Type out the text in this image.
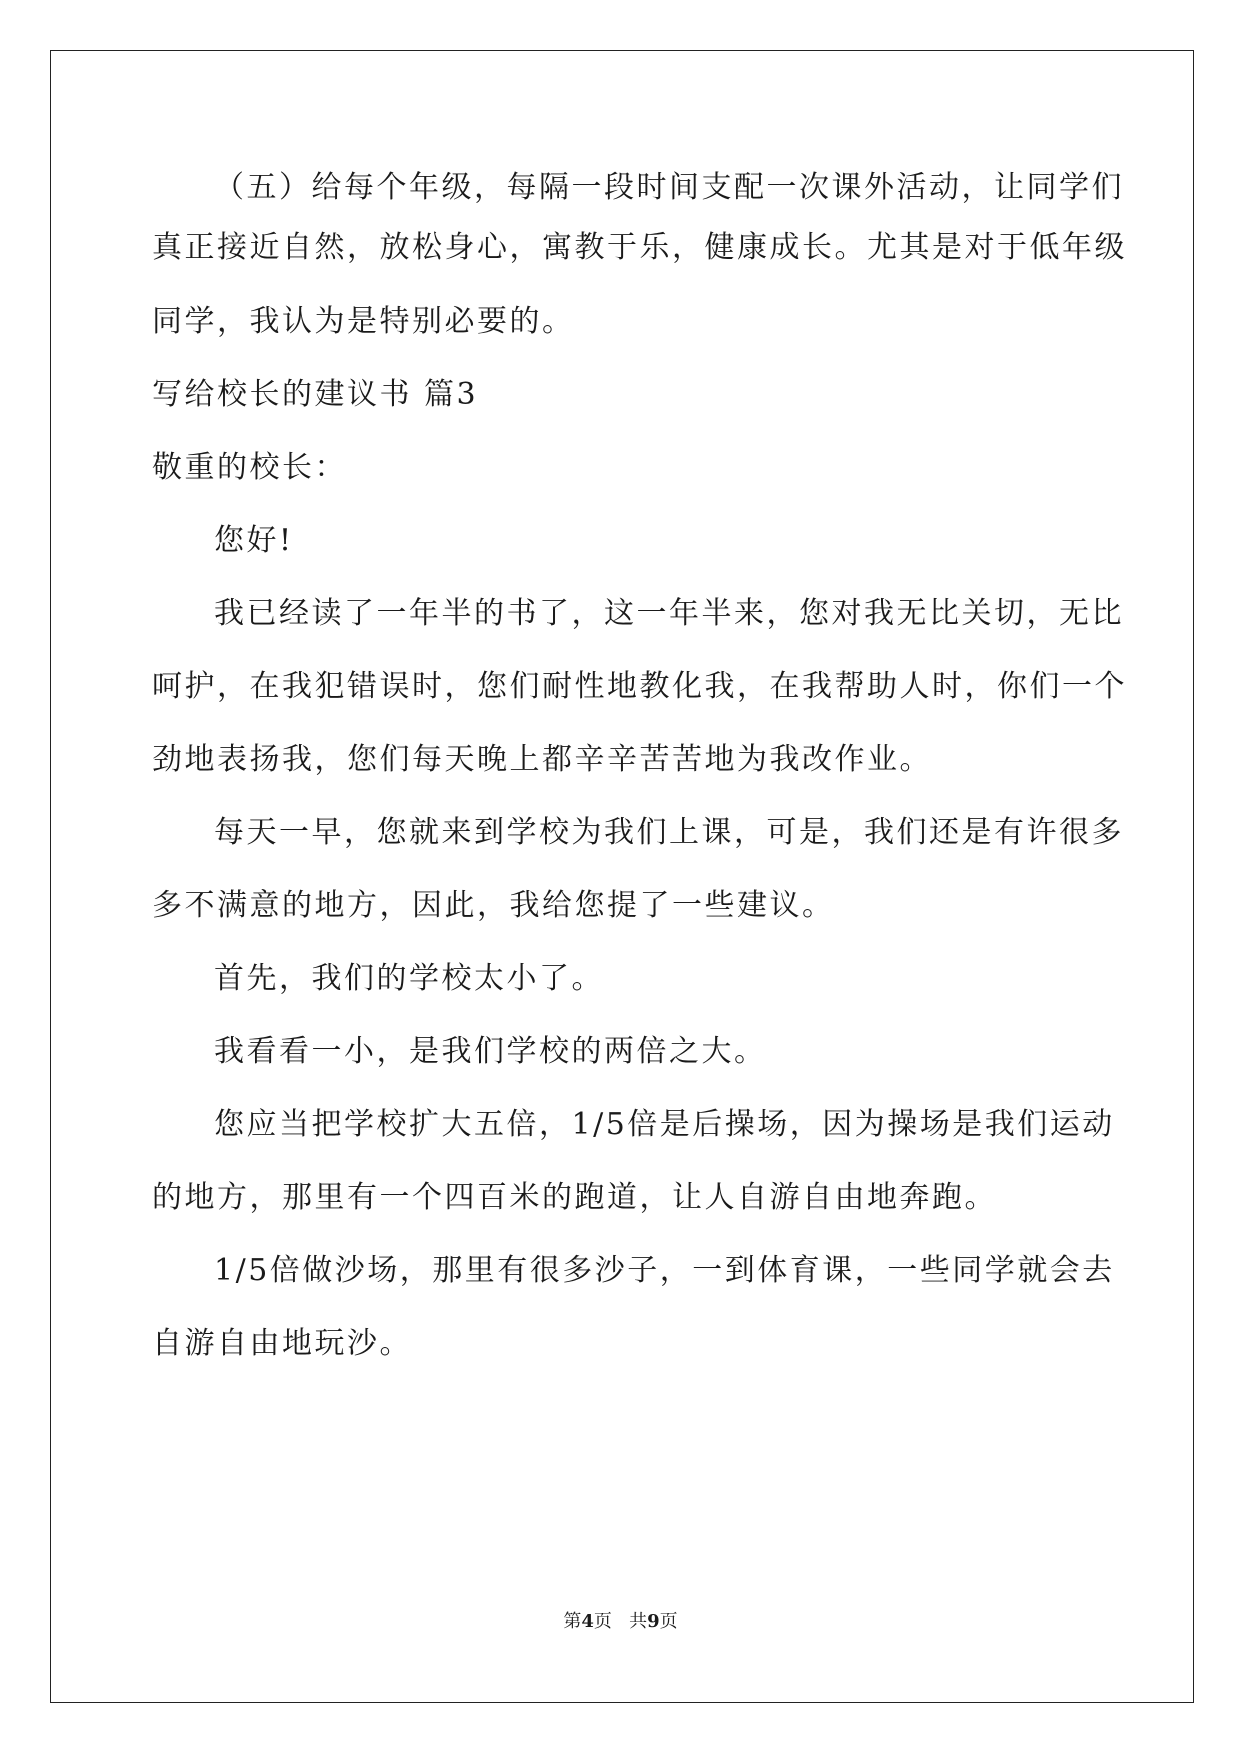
（五）给每个年级，每隔一段时间支配一次课外活动，让同学们
真正接近自然，放松身心，寓教于乐，健康成长。尤其是对于低年级
同学，我认为是特别必要的。
写给校长的建议书 篇3
敬重的校长：
您好!
我已经读了一年半的书了，这一年半来，您对我无比关切，无比
呵护，在我犯错误时，您们耐性地教化我，在我帮助人时，你们一个
劲地表扬我，您们每天晚上都辛辛苦苦地为我改作业。
每天一早，您就来到学校为我们上课，可是，我们还是有许很多
多不满意的地方，因此，我给您提了一些建议。
首先，我们的学校太小了。
我看看一小，是我们学校的两倍之大。
您应当把学校扩大五倍，1/5倍是后操场，因为操场是我们运动
的地方，那里有一个四百米的跑道，让人自游自由地奔跑。
1/5倍做沙场，那里有很多沙子，一到体育课，一些同学就会去
自游自由地玩沙。
第4页 共9页
